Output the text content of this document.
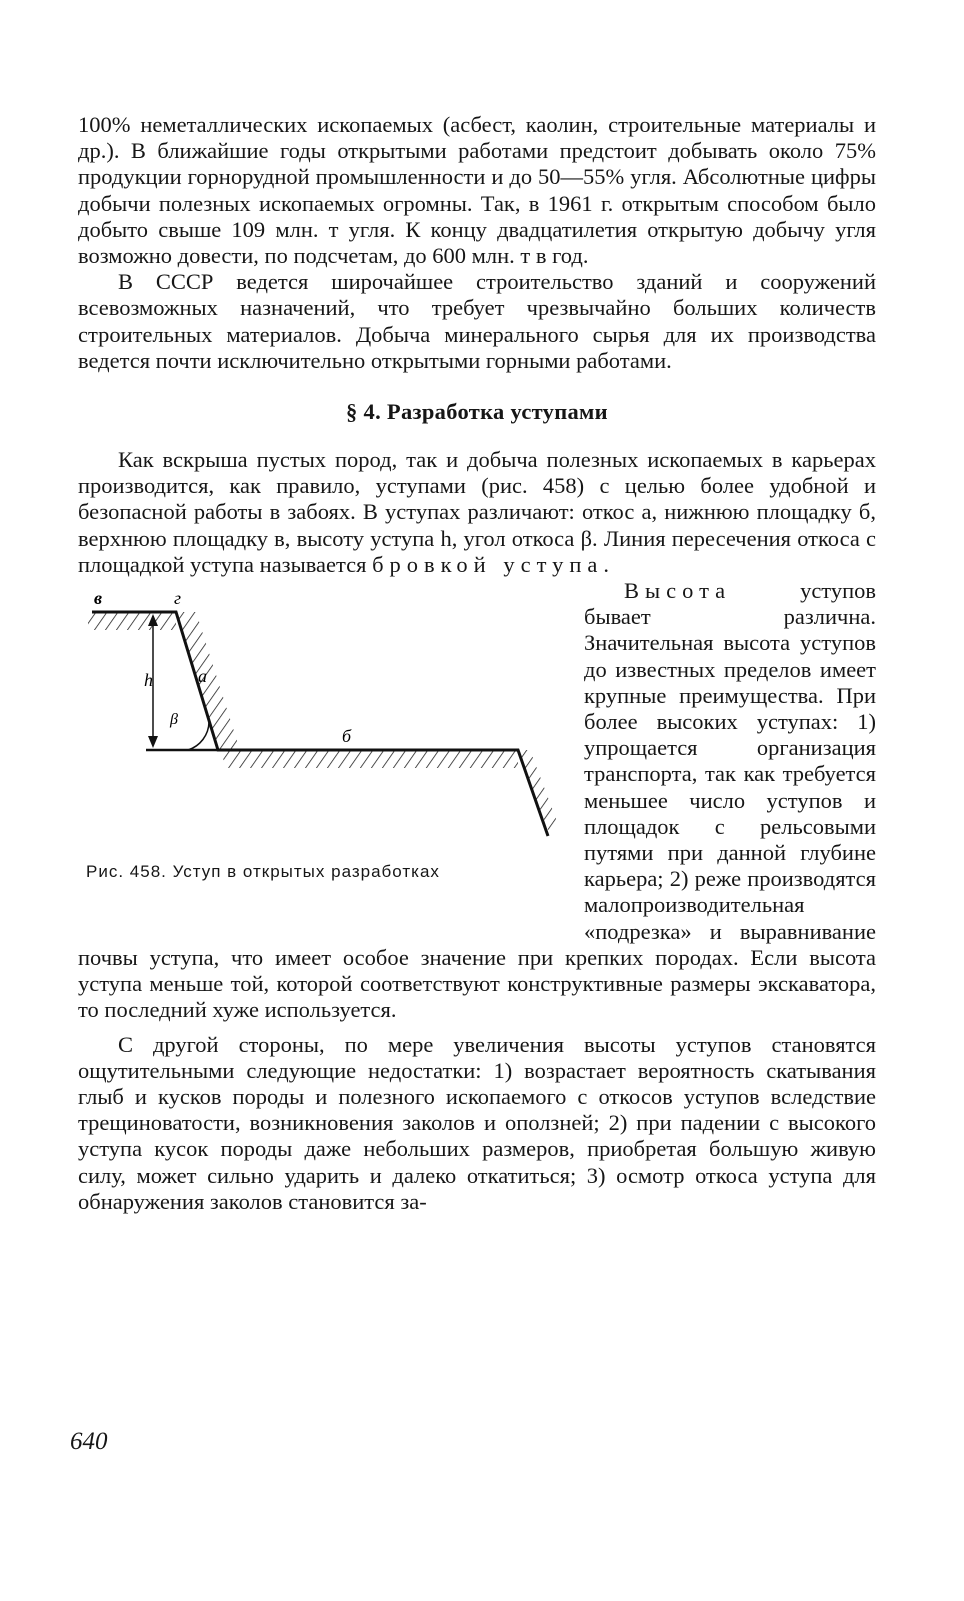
100% неметаллических ископаемых (асбест, каолин, строительные материалы и др.). В ближайшие годы открытыми работами предстоит добывать около 75% продукции горнорудной промышленности и до 50—55% угля. Абсолютные цифры добычи полезных ископаемых огромны. Так, в 1961 г. открытым способом было добыто свыше 109 млн. т угля. К концу двадцатилетия открытую добычу угля возможно довести, по подсчетам, до 600 млн. т в год.

В СССР ведется широчайшее строительство зданий и сооружений всевозможных назначений, что требует чрезвычайно больших количеств строительных материалов. Добыча минерального сырья для их производства ведется почти исключительно открытыми горными работами.

§ 4. Разработка уступами

Как вскрыша пустых пород, так и добыча полезных ископаемых в карьерах производится, как правило, уступами (рис. 458) с целью более удобной и безопасной работы в забоях. В уступах различают: откос а, нижнюю площадку б, верхнюю площадку в, высоту уступа h, угол откоса β. Линия пересечения откоса с площадкой уступа называется бровкой уступа.

в	г
а
б
h
β
Рис. 458. Уступ в открытых разработках

Высота уступов бывает различна. Значительная высота уступов до известных пределов имеет крупные преимущества. При более высоких уступах: 1) упрощается организация транспорта, так как требуется меньшее число уступов и площадок с рельсовыми путями при данной глубине карьера; 2) реже производятся малопроизводительная «подрезка» и выравнивание почвы уступа, что имеет особое значение при крепких породах. Если высота уступа меньше той, которой соответствуют конструктивные размеры экскаватора, то последний хуже используется.

С другой стороны, по мере увеличения высоты уступов становятся ощутительными следующие недостатки: 1) возрастает вероятность скатывания глыб и кусков породы и полезного ископаемого с откосов уступов вследствие трещиноватости, возникновения заколов и оползней; 2) при падении с высокого уступа кусок породы даже небольших размеров, приобретая большую живую силу, может сильно ударить и далеко откатиться; 3) осмотр откоса уступа для обнаружения заколов становится за-

640
